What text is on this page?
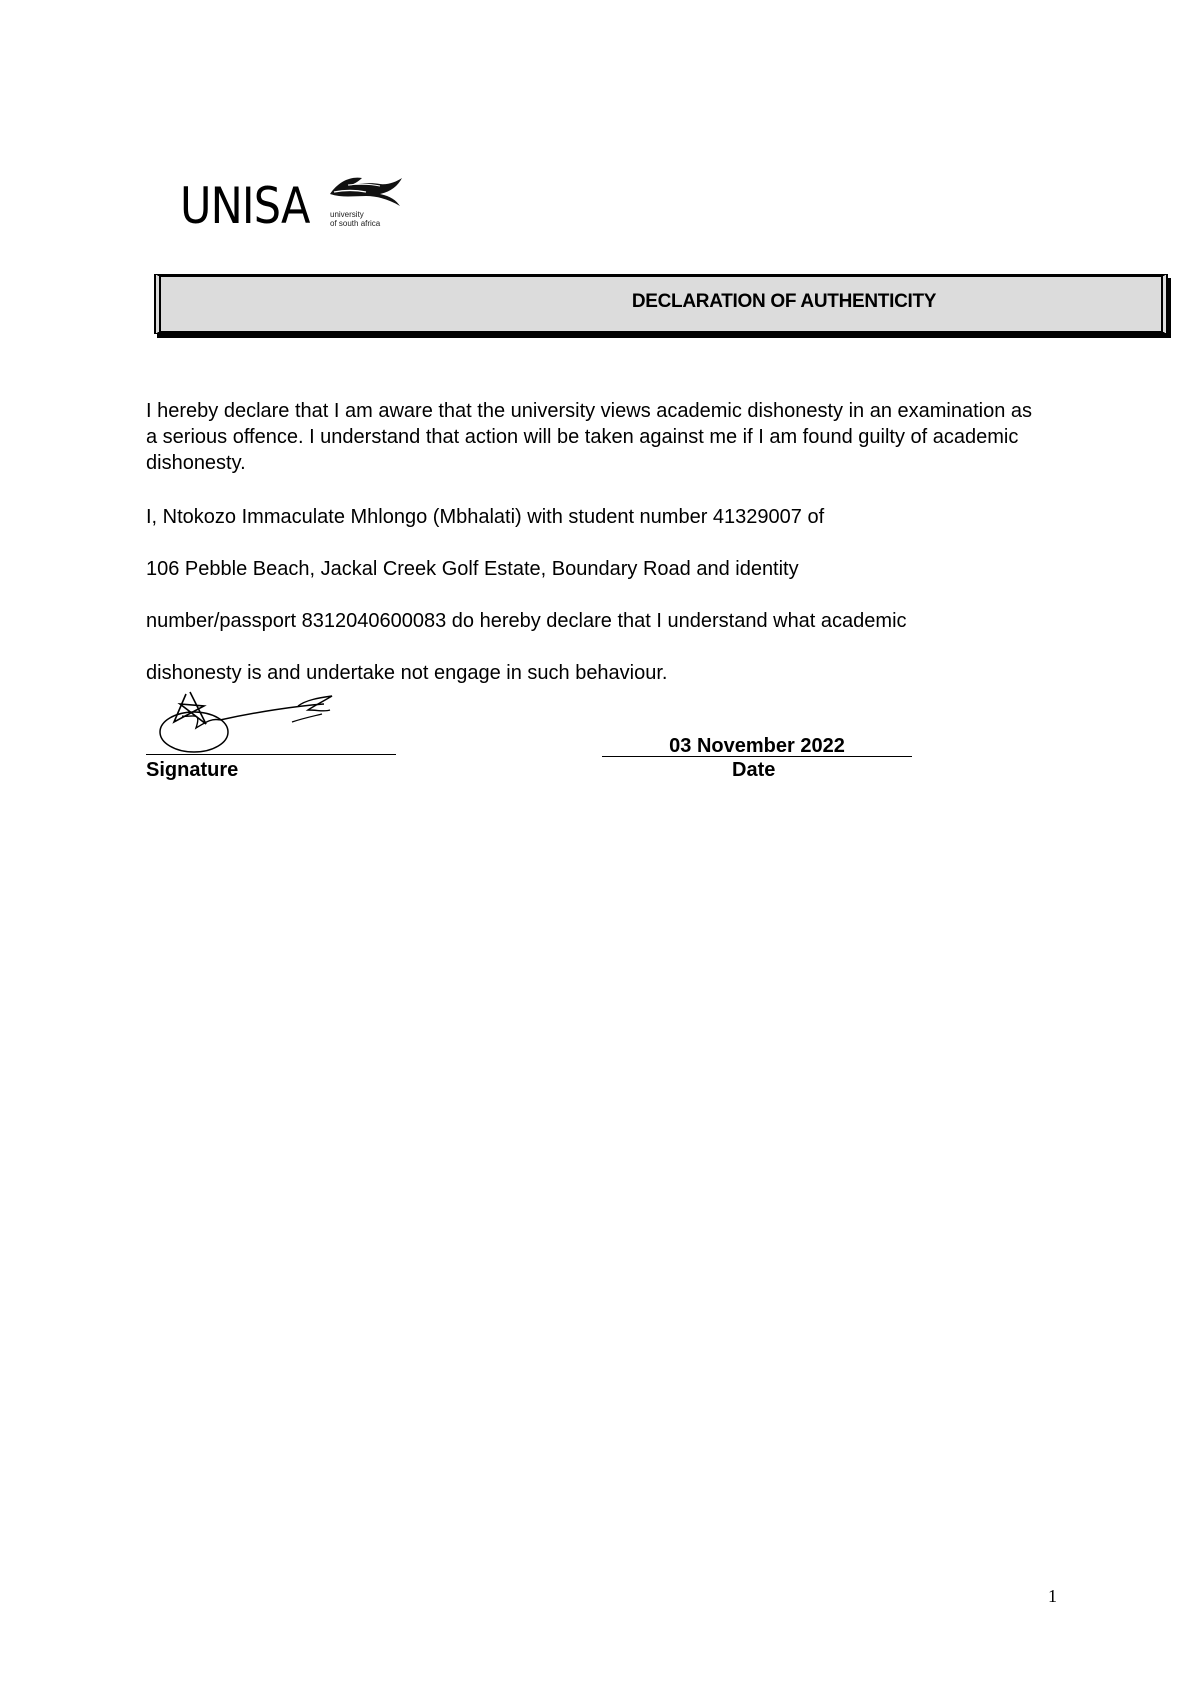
UNISA	university
of south africa
DECLARATION OF AUTHENTICITY

I hereby declare that I am aware that the university views academic dishonesty in an examination as a serious offence. I understand that action will be taken against me if I am found guilty of academic dishonesty.

I, Ntokozo Immaculate Mhlongo (Mbhalati) with student number 41329007 of

106 Pebble Beach, Jackal Creek Golf Estate, Boundary Road and identity

number/passport 8312040600083 do hereby declare that I understand what academic

dishonesty is and undertake not engage in such behaviour.

Signature
03 November 2022
Date
1
